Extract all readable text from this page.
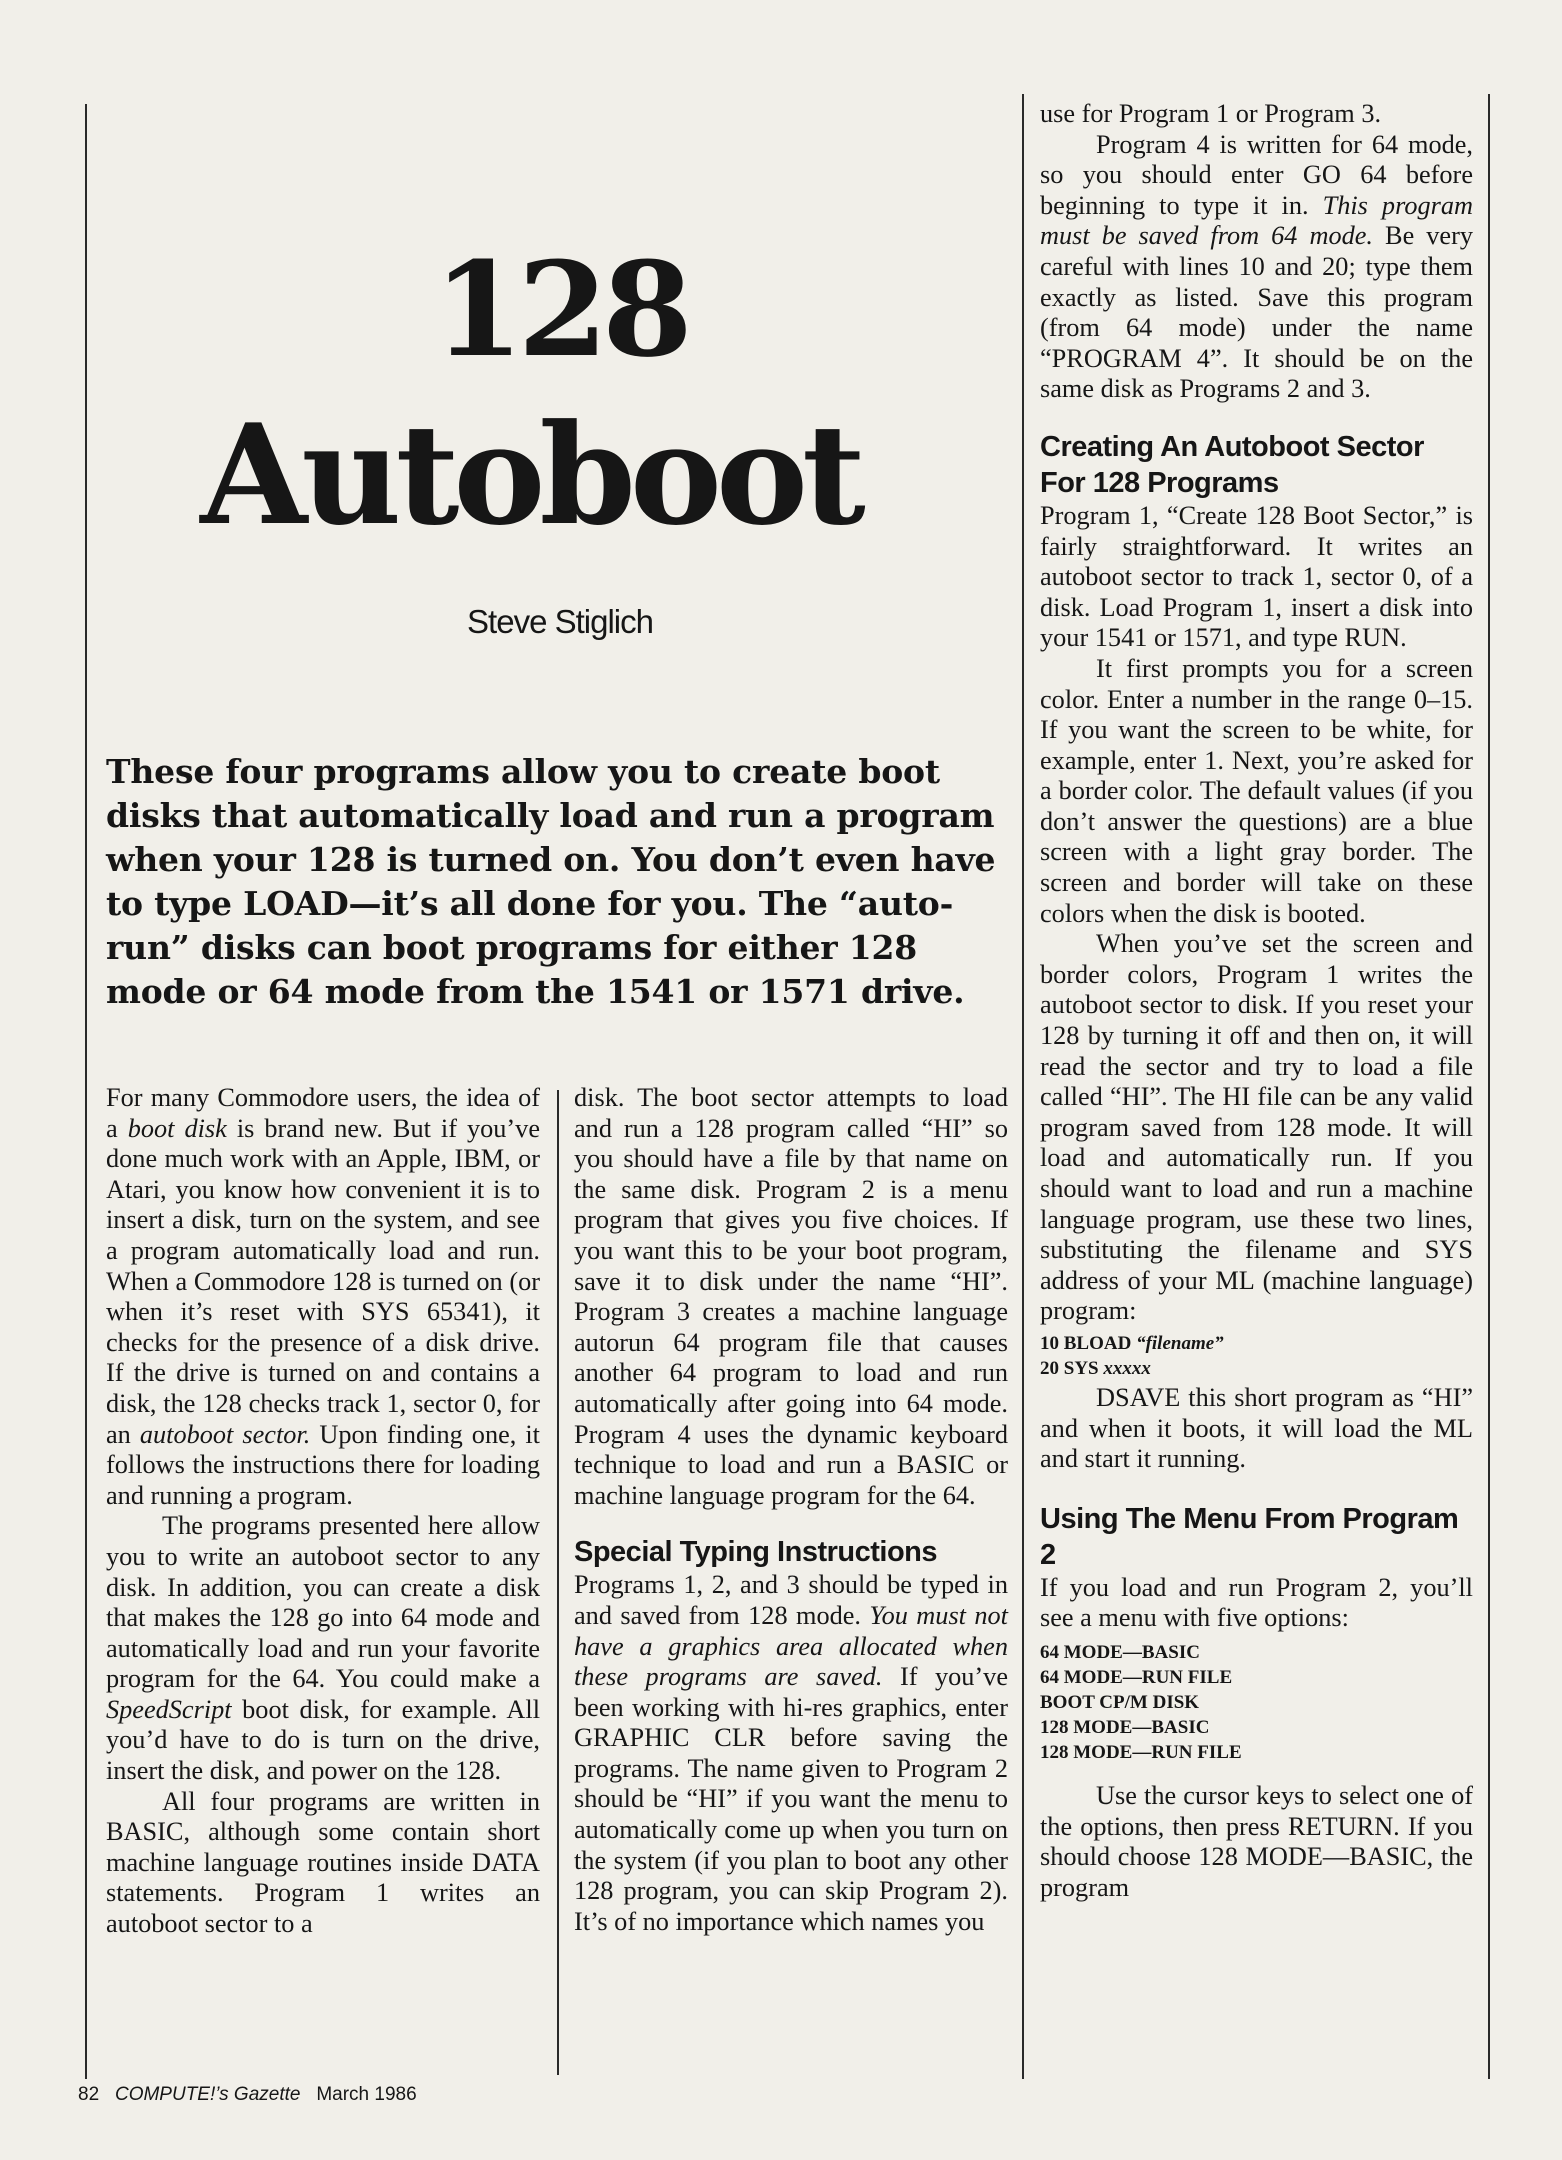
128
Autoboot
Steve Stiglich
These four programs allow you to create boot disks that automatically load and run a program when your 128 is turned on. You don’t even have to type LOAD—it’s all done for you. The “auto-run” disks can boot programs for either 128 mode or 64 mode from the 1541 or 1571 drive.

For many Commodore users, the idea of a boot disk is brand new. But if you’ve done much work with an Apple, IBM, or Atari, you know how convenient it is to insert a disk, turn on the system, and see a program automatically load and run. When a Commodore 128 is turned on (or when it’s reset with SYS 65341), it checks for the presence of a disk drive. If the drive is turned on and contains a disk, the 128 checks track 1, sector 0, for an autoboot sector. Upon finding one, it follows the instructions there for loading and running a program.

The programs presented here allow you to write an autoboot sector to any disk. In addition, you can create a disk that makes the 128 go into 64 mode and automatically load and run your favorite program for the 64. You could make a SpeedScript boot disk, for example. All you’d have to do is turn on the drive, insert the disk, and power on the 128.

All four programs are written in BASIC, although some contain short machine language routines inside DATA statements. Program 1 writes an autoboot sector to a

disk. The boot sector attempts to load and run a 128 program called “HI” so you should have a file by that name on the same disk. Program 2 is a menu program that gives you five choices. If you want this to be your boot program, save it to disk under the name “HI”. Program 3 creates a machine language autorun 64 program file that causes another 64 program to load and run automatically after going into 64 mode. Program 4 uses the dynamic keyboard technique to load and run a BASIC or machine language program for the 64.

Special Typing Instructions

Programs 1, 2, and 3 should be typed in and saved from 128 mode. You must not have a graphics area allocated when these programs are saved. If you’ve been working with hi-res graphics, enter GRAPHIC CLR before saving the programs. The name given to Program 2 should be “HI” if you want the menu to automatically come up when you turn on the system (if you plan to boot any other 128 program, you can skip Program 2). It’s of no importance which names you

use for Program 1 or Program 3.

Program 4 is written for 64 mode, so you should enter GO 64 before beginning to type it in. This program must be saved from 64 mode. Be very careful with lines 10 and 20; type them exactly as listed. Save this program (from 64 mode) under the name “PROGRAM 4”. It should be on the same disk as Programs 2 and 3.

Creating An Autoboot Sector For 128 Programs

Program 1, “Create 128 Boot Sector,” is fairly straightforward. It writes an autoboot sector to track 1, sector 0, of a disk. Load Program 1, insert a disk into your 1541 or 1571, and type RUN.

It first prompts you for a screen color. Enter a number in the range 0–15. If you want the screen to be white, for example, enter 1. Next, you’re asked for a border color. The default values (if you don’t answer the questions) are a blue screen with a light gray border. The screen and border will take on these colors when the disk is booted.

When you’ve set the screen and border colors, Program 1 writes the autoboot sector to disk. If you reset your 128 by turning it off and then on, it will read the sector and try to load a file called “HI”. The HI file can be any valid program saved from 128 mode. It will load and automatically run. If you should want to load and run a machine language program, use these two lines, substituting the filename and SYS address of your ML (machine language) program:

10 BLOAD “filename”
20 SYS xxxxx

DSAVE this short program as “HI” and when it boots, it will load the ML and start it running.

Using The Menu From Program 2

If you load and run Program 2, you’ll see a menu with five options:

64 MODE—BASIC
64 MODE—RUN FILE
BOOT CP/M DISK
128 MODE—BASIC
128 MODE—RUN FILE

Use the cursor keys to select one of the options, then press RETURN. If you should choose 128 MODE—BASIC, the program

82 COMPUTE!’s Gazette March 1986
